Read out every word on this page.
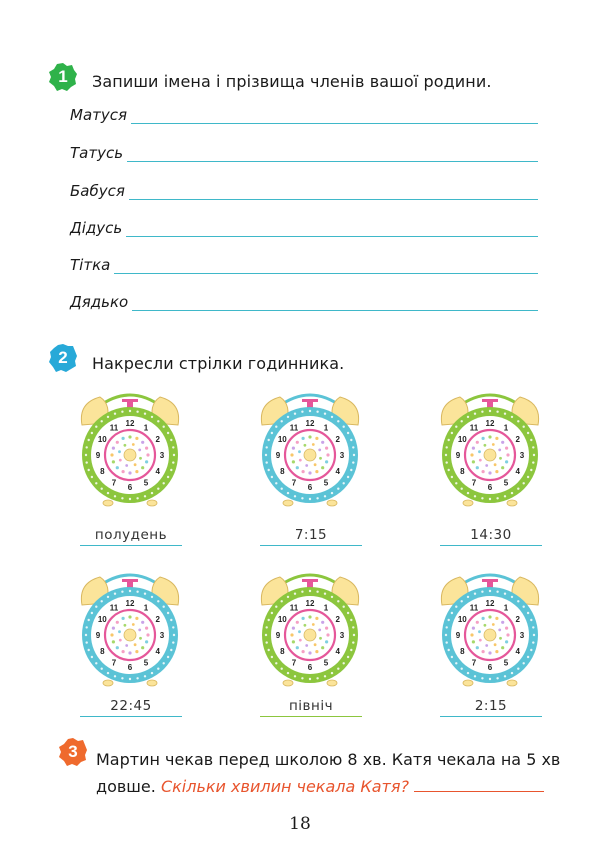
1	Запиши імена і прізвища членів вашої родини.
Матуся
Татусь
Бабуся
Дідусь
Тітка
Дядько
2	Накресли стрілки годинника.
1
2
3
4
5
6
7
8
9
10
11 12
полудень
1
2
3
4
5
6
7
8
9
10
11 12
7:15
1
2
3
4
5
6
7
8
9
10
11 12
14:30
1
2
3
4
5
6
7
8
9
10
11 12
22:45
1
2
3
4
5
6
7
8
9
10
11 12
північ
1
2
3
4
5
6
7
8
9
10
11 12
2:15
3	Мартин чекав перед школою 8 хв. Катя чекала на 5 хв
довше. Скільки хвилин чекала Катя?
18
